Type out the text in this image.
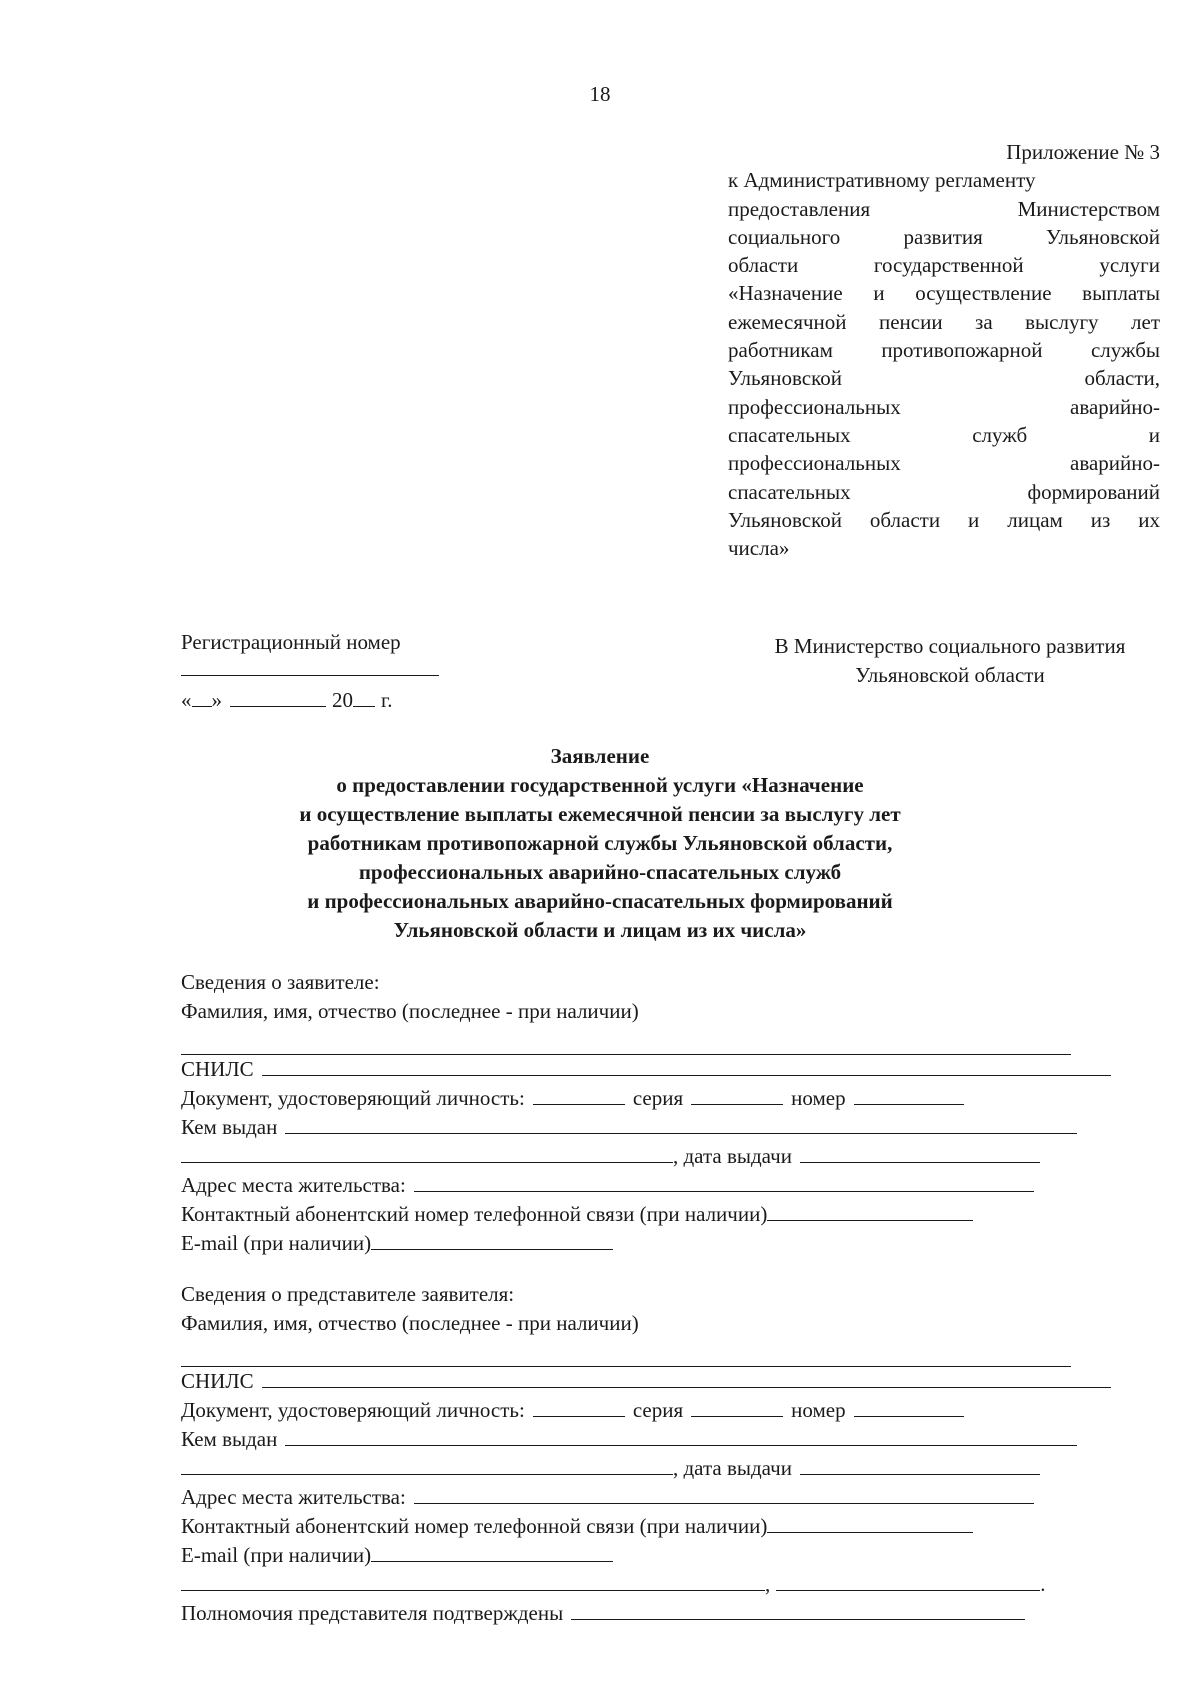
18
Приложение № 3
к Административному регламенту
предоставления Министерством
социального развития Ульяновской
области государственной услуги
«Назначение и осуществление выплаты
ежемесячной пенсии за выслугу лет
работникам противопожарной службы
Ульяновской области,
профессиональных аварийно-
спасательных служб и
профессиональных аварийно-
спасательных формирований
Ульяновской области и лицам из их
числа»
Регистрационный номер
« »	20 г.
В Министерство социального развития
Ульяновской области
Заявление
о предоставлении государственной услуги «Назначение
и осуществление выплаты ежемесячной пенсии за выслугу лет
работникам противопожарной службы Ульяновской области,
профессиональных аварийно-спасательных служб
и профессиональных аварийно-спасательных формирований
Ульяновской области и лицам из их числа»
Сведения о заявителе:
Фамилия, имя, отчество (последнее - при наличии)
СНИЛС
Документ, удостоверяющий личность:	серия	номер
Кем выдан
, дата выдачи
Адрес места жительства:
Контактный абонентский номер телефонной связи (при наличии)
E-mail (при наличии)
Сведения о представителе заявителя:
Фамилия, имя, отчество (последнее - при наличии)
СНИЛС
Документ, удостоверяющий личность:	серия	номер
Кем выдан
, дата выдачи
Адрес места жительства:
Контактный абонентский номер телефонной связи (при наличии)
E-mail (при наличии)
,	.
Полномочия представителя подтверждены
